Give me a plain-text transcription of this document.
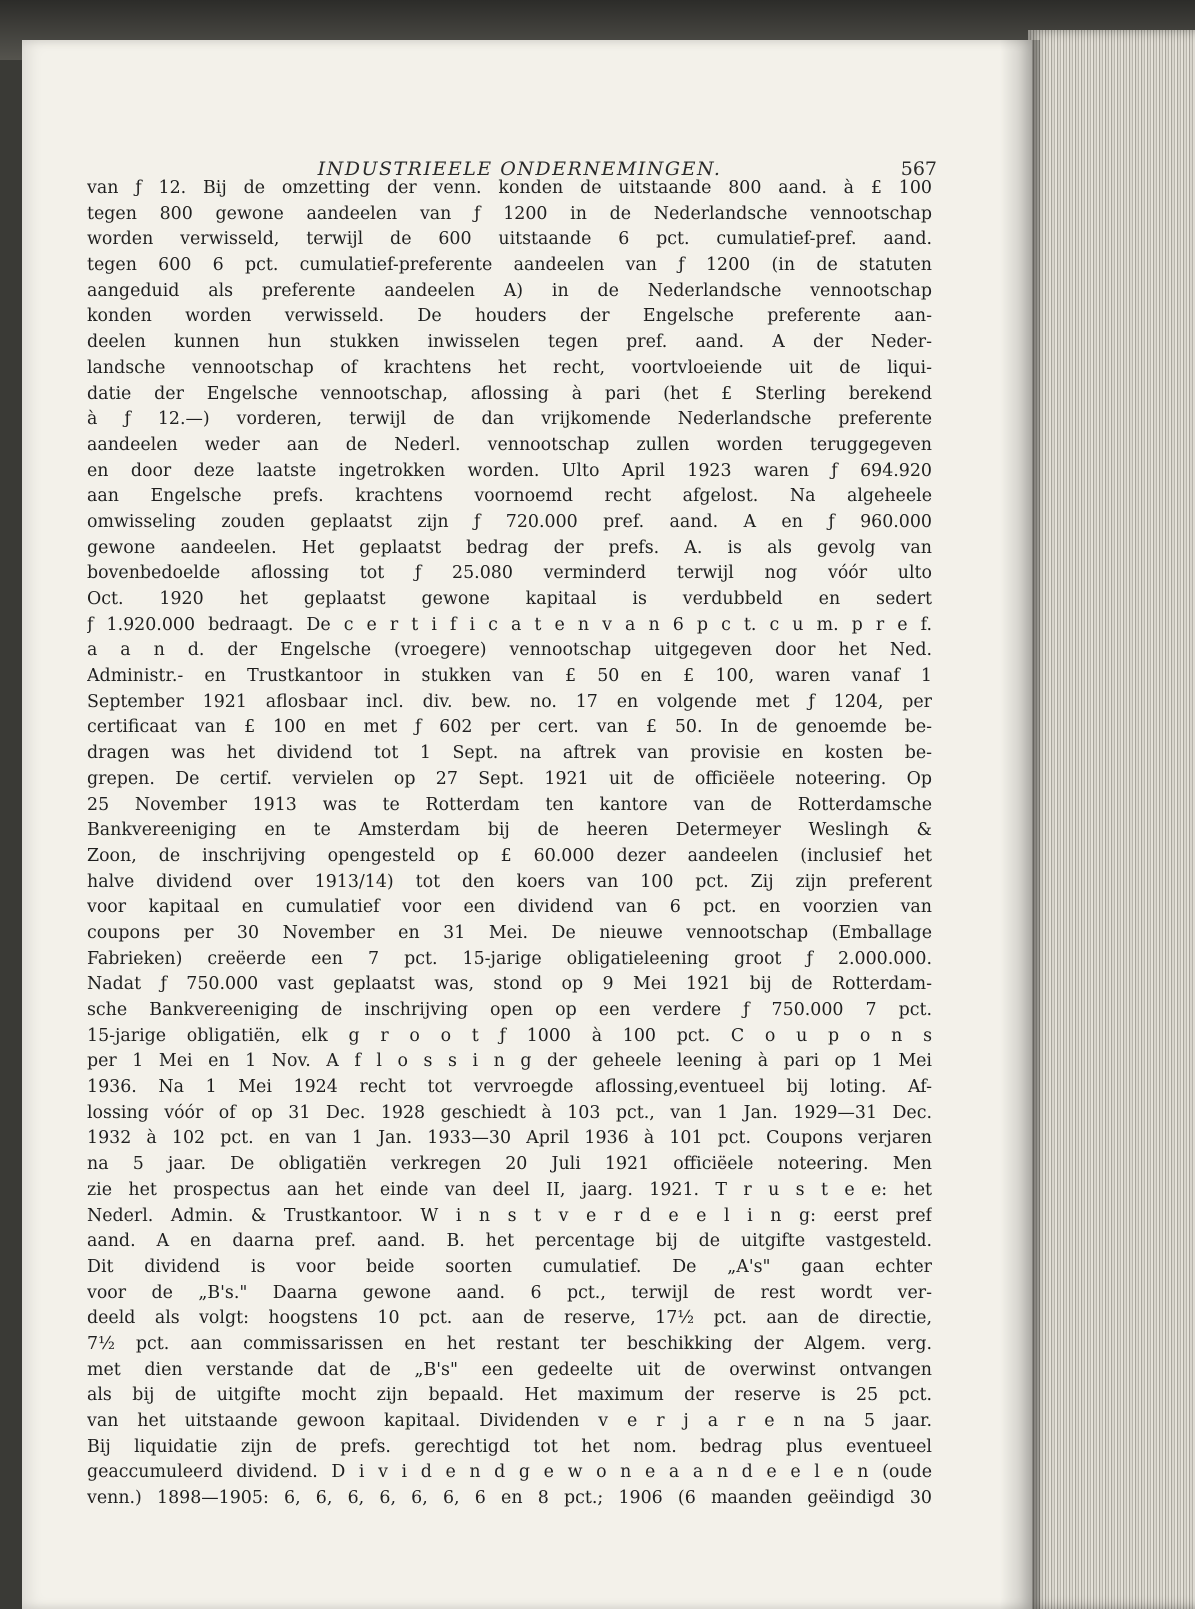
INDUSTRIEELE ONDERNEMINGEN.	567
van ƒ 12. Bij de omzetting der venn. konden de uitstaande 800 aand. à £ 100
tegen 800 gewone aandeelen van ƒ 1200 in de Nederlandsche vennootschap
worden verwisseld, terwijl de 600 uitstaande 6 pct. cumulatief-pref. aand.
tegen 600 6 pct. cumulatief-preferente aandeelen van ƒ 1200 (in de statuten
aangeduid als preferente aandeelen A) in de Nederlandsche vennootschap
konden worden verwisseld. De houders der Engelsche preferente aan-
deelen kunnen hun stukken inwisselen tegen pref. aand. A der Neder-
landsche vennootschap of krachtens het recht, voortvloeiende uit de liqui-
datie der Engelsche vennootschap, aflossing à pari (het £ Sterling berekend
à ƒ 12.—) vorderen, terwijl de dan vrijkomende Nederlandsche preferente
aandeelen weder aan de Nederl. vennootschap zullen worden teruggegeven
en door deze laatste ingetrokken worden. Ulto April 1923 waren ƒ 694.920
aan Engelsche prefs. krachtens voornoemd recht afgelost. Na algeheele
omwisseling zouden geplaatst zijn ƒ 720.000 pref. aand. A en ƒ 960.000
gewone aandeelen. Het geplaatst bedrag der prefs. A. is als gevolg van
bovenbedoelde aflossing tot ƒ 25.080 verminderd terwijl nog vóór ulto
Oct. 1920 het geplaatst gewone kapitaal is verdubbeld en sedert
ƒ 1.920.000 bedraagt. De c e r t i f i c a t e n v a n 6 p c t. c u m. p r e f.
a a n d. der Engelsche (vroegere) vennootschap uitgegeven door het Ned.
Administr.- en Trustkantoor in stukken van £ 50 en £ 100, waren vanaf 1
September 1921 aflosbaar incl. div. bew. no. 17 en volgende met ƒ 1204, per
certificaat van £ 100 en met ƒ 602 per cert. van £ 50. In de genoemde be-
dragen was het dividend tot 1 Sept. na aftrek van provisie en kosten be-
grepen. De certif. vervielen op 27 Sept. 1921 uit de officiëele noteering. Op
25 November 1913 was te Rotterdam ten kantore van de Rotterdamsche
Bankvereeniging en te Amsterdam bij de heeren Determeyer Weslingh &
Zoon, de inschrijving opengesteld op £ 60.000 dezer aandeelen (inclusief het
halve dividend over 1913/14) tot den koers van 100 pct. Zij zijn preferent
voor kapitaal en cumulatief voor een dividend van 6 pct. en voorzien van
coupons per 30 November en 31 Mei. De nieuwe vennootschap (Emballage
Fabrieken) creëerde een 7 pct. 15-jarige obligatieleening groot ƒ 2.000.000.
Nadat ƒ 750.000 vast geplaatst was, stond op 9 Mei 1921 bij de Rotterdam-
sche Bankvereeniging de inschrijving open op een verdere ƒ 750.000 7 pct.
15-jarige obligatiën, elk g r o o t ƒ 1000 à 100 pct. C o u p o n s
per 1 Mei en 1 Nov. A f l o s s i n g der geheele leening à pari op 1 Mei
1936. Na 1 Mei 1924 recht tot vervroegde aflossing,eventueel bij loting. Af-
lossing vóór of op 31 Dec. 1928 geschiedt à 103 pct., van 1 Jan. 1929—31 Dec.
1932 à 102 pct. en van 1 Jan. 1933—30 April 1936 à 101 pct. Coupons verjaren
na 5 jaar. De obligatiën verkregen 20 Juli 1921 officiëele noteering. Men
zie het prospectus aan het einde van deel II, jaarg. 1921. T r u s t e e: het
Nederl. Admin. & Trustkantoor. W i n s t v e r d e e l i n g: eerst pref
aand. A en daarna pref. aand. B. het percentage bij de uitgifte vastgesteld.
Dit dividend is voor beide soorten cumulatief. De „A's" gaan echter
voor de „B's." Daarna gewone aand. 6 pct., terwijl de rest wordt ver-
deeld als volgt: hoogstens 10 pct. aan de reserve, 17½ pct. aan de directie,
7½ pct. aan commissarissen en het restant ter beschikking der Algem. verg.
met dien verstande dat de „B's" een gedeelte uit de overwinst ontvangen
als bij de uitgifte mocht zijn bepaald. Het maximum der reserve is 25 pct.
van het uitstaande gewoon kapitaal. Dividenden v e r j a r e n na 5 jaar.
Bij liquidatie zijn de prefs. gerechtigd tot het nom. bedrag plus eventueel
geaccumuleerd dividend. D i v i d e n d g e w o n e a a n d e e l e n (oude
venn.) 1898—1905: 6, 6, 6, 6, 6, 6, 6 en 8 pct.; 1906 (6 maanden geëindigd 30
